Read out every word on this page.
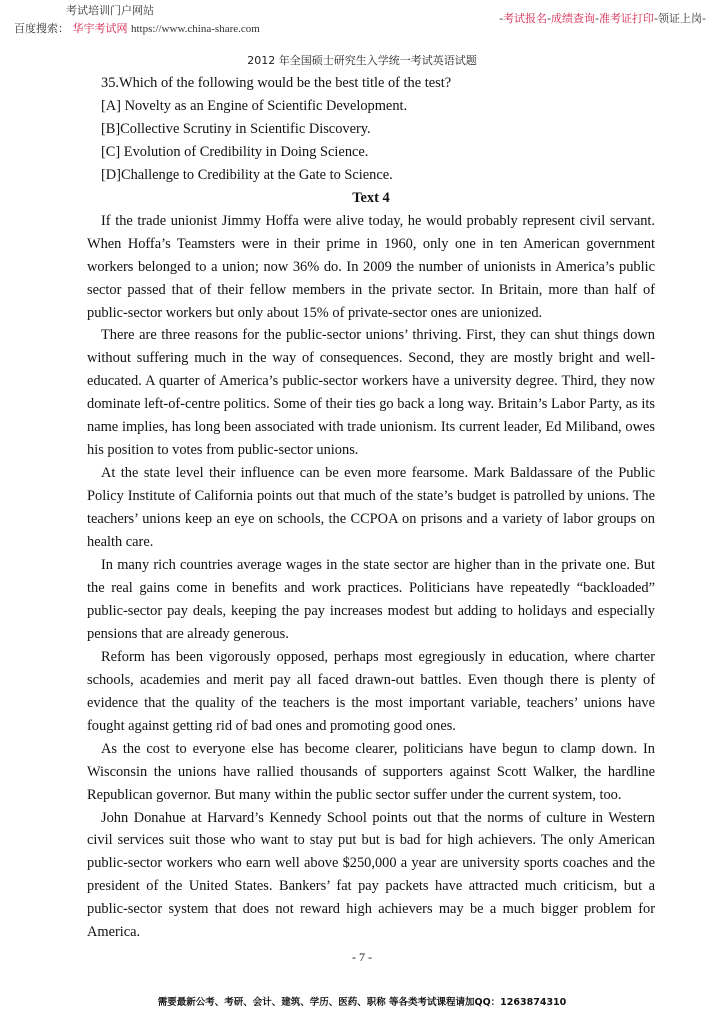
考试培训门户网站
百度搜索： 华宇考试网 https://www.china-share.com
-考试报名-成绩查询-准考证打印-领证上岗-
2012 年全国硕士研究生入学统一考试英语试题
35.Which of the following would be the best title of the test?
[A] Novelty as an Engine of Scientific Development.
[B]Collective Scrutiny in Scientific Discovery.
[C] Evolution of Credibility in Doing Science.
[D]Challenge to Credibility at the Gate to Science.
Text 4

If the trade unionist Jimmy Hoffa were alive today, he would probably represent civil servant. When Hoffa’s Teamsters were in their prime in 1960, only one in ten American government workers belonged to a union; now 36% do. In 2009 the number of unionists in America’s public sector passed that of their fellow members in the private sector. In Britain, more than half of public-sector workers but only about 15% of private-sector ones are unionized.

There are three reasons for the public-sector unions’ thriving. First, they can shut things down without suffering much in the way of consequences. Second, they are mostly bright and well-educated. A quarter of America’s public-sector workers have a university degree. Third, they now dominate left-of-centre politics. Some of their ties go back a long way. Britain’s Labor Party, as its name implies, has long been associated with trade unionism. Its current leader, Ed Miliband, owes his position to votes from public-sector unions.

At the state level their influence can be even more fearsome. Mark Baldassare of the Public Policy Institute of California points out that much of the state’s budget is patrolled by unions. The teachers’ unions keep an eye on schools, the CCPOA on prisons and a variety of labor groups on health care.

In many rich countries average wages in the state sector are higher than in the private one. But the real gains come in benefits and work practices. Politicians have repeatedly “backloaded” public-sector pay deals, keeping the pay increases modest but adding to holidays and especially pensions that are already generous.

Reform has been vigorously opposed, perhaps most egregiously in education, where charter schools, academies and merit pay all faced drawn-out battles. Even though there is plenty of evidence that the quality of the teachers is the most important variable, teachers’ unions have fought against getting rid of bad ones and promoting good ones.

As the cost to everyone else has become clearer, politicians have begun to clamp down. In Wisconsin the unions have rallied thousands of supporters against Scott Walker, the hardline Republican governor. But many within the public sector suffer under the current system, too.

John Donahue at Harvard’s Kennedy School points out that the norms of culture in Western civil services suit those who want to stay put but is bad for high achievers. The only American public-sector workers who earn well above $250,000 a year are university sports coaches and the president of the United States. Bankers’ fat pay packets have attracted much criticism, but a public-sector system that does not reward high achievers may be a much bigger problem for America.

- 7 -
需要最新公考、考研、会计、建筑、学历、医药、职称 等各类考试课程请加QQ：1263874310
